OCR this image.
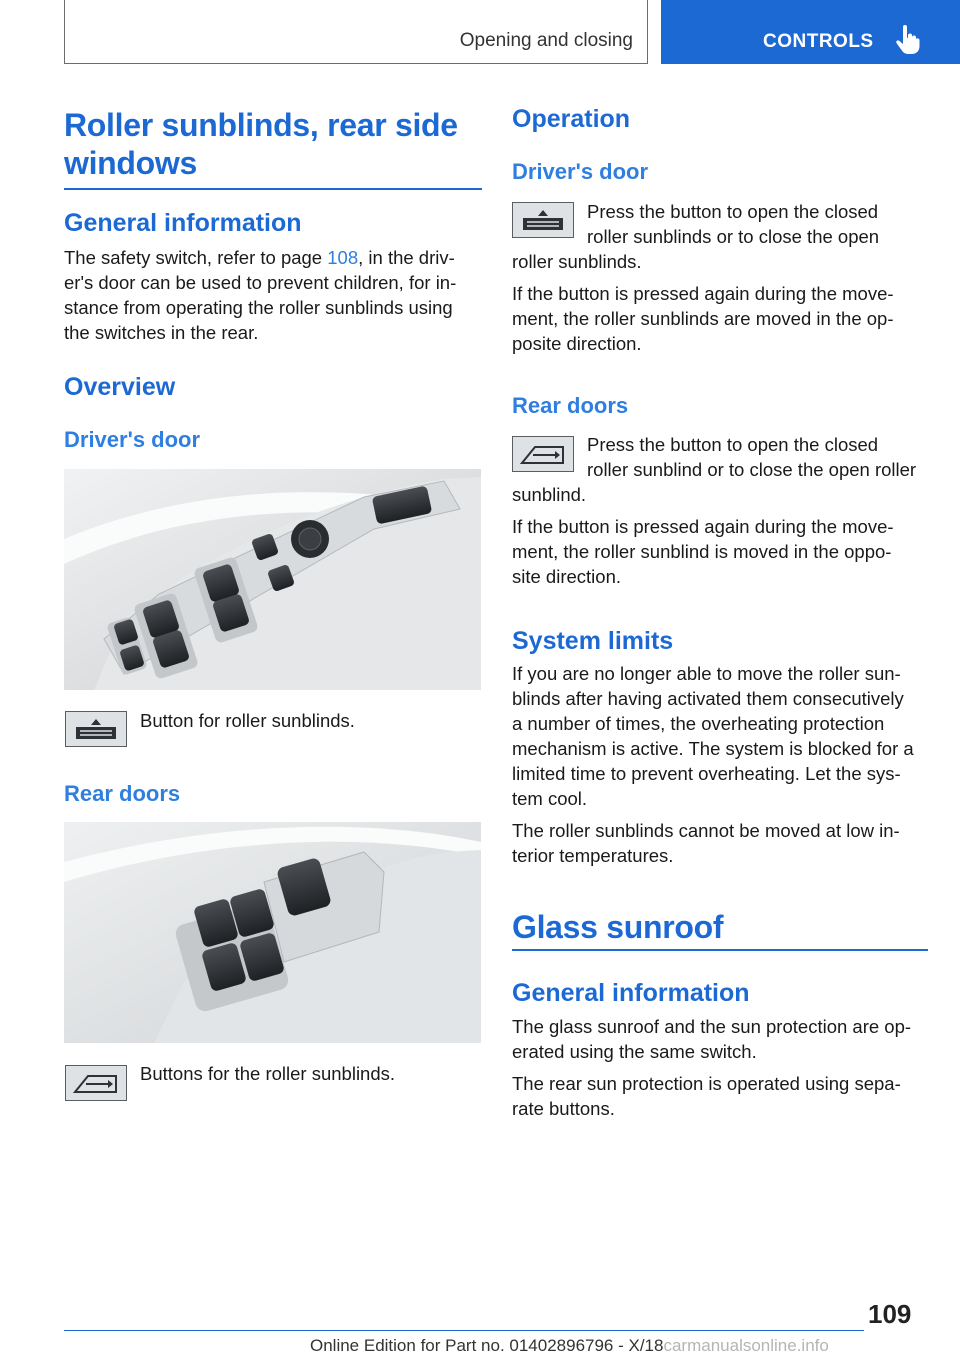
Opening and closing	CONTROLS
Roller sunblinds, rear side windows
General information

The safety switch, refer to page 108, in the driv-

er's door can be used to prevent children, for in-

stance from operating the roller sunblinds using

the switches in the rear.

Overview
Driver's door

Button for roller sunblinds.

Rear doors

Buttons for the roller sunblinds.

Operation
Driver's door

Press the button to open the closed

roller sunblinds or to close the open

roller sunblinds.

If the button is pressed again during the move-

ment, the roller sunblinds are moved in the op-

posite direction.

Rear doors

Press the button to open the closed

roller sunblind or to close the open roller

sunblind.

If the button is pressed again during the move-

ment, the roller sunblind is moved in the oppo-

site direction.

System limits

If you are no longer able to move the roller sun-

blinds after having activated them consecutively

a number of times, the overheating protection

mechanism is active. The system is blocked for a

limited time to prevent overheating. Let the sys-

tem cool.

The roller sunblinds cannot be moved at low in-

terior temperatures.

Glass sunroof
General information

The glass sunroof and the sun protection are op-

erated using the same switch.

The rear sun protection is operated using sepa-

rate buttons.

109
Online Edition for Part no. 01402896796 - X/18carmanualsonline.info
